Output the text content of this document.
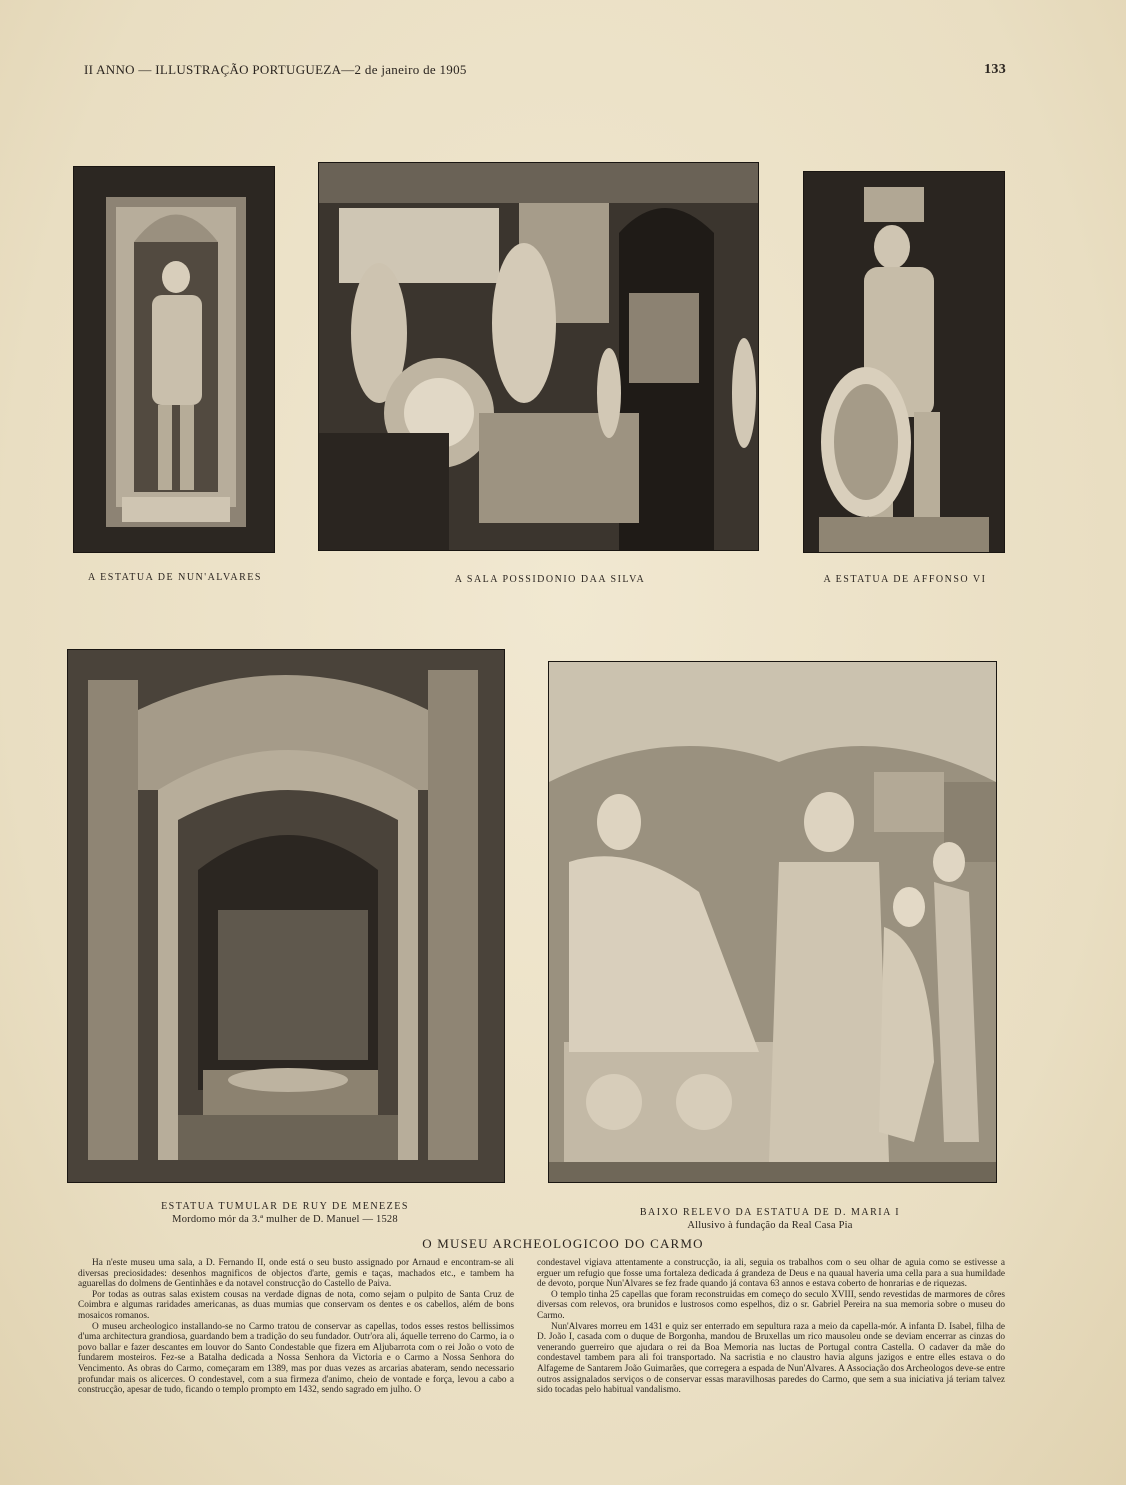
II ANNO — ILLUSTRAÇÃO PORTUGUEZA—2 de janeiro de 1905	133
A ESTATUA DE NUN'ALVARES	A SALA POSSIDONIO DAA SILVA	A ESTATUA DE AFFONSO VI
ESTATUA TUMULAR DE RUY DE MENEZES
Mordomo mór da 3.ª mulher de D. Manuel — 1528
BAIXO RELEVO DA ESTATUA DE D. MARIA I
Allusivo à fundação da Real Casa Pia
O MUSEU ARCHEOLOGICOO DO CARMO

Ha n'este museu uma sala, a D. Fernando II, onde está o seu busto assignado por Arnaud e encontram-se ali diversas preciosidades: desenhos magnificos de objectos d'arte, gemis e taças, machados etc., e tambem ha aguarellas do dolmens de Gentinhães e da notavel construcção do Castello de Paiva.

Por todas as outras salas existem cousas na verdade dignas de nota, como sejam o pulpito de Santa Cruz de Coimbra e algumas raridades americanas, as duas mumias que conservam os dentes e os cabellos, além de bons mosaicos romanos.

O museu archeologico installando-se no Carmo tratou de conservar as capellas, todos esses restos bellissimos d'uma architectura grandiosa, guardando bem a tradição do seu fundador. Outr'ora ali, áquelle terreno do Carmo, ia o povo ballar e fazer descantes em louvor do Santo Condestable que fizera em Aljubarrota com o rei João o voto de fundarem mosteiros. Fez-se a Batalha dedicada a Nossa Senhora da Victoria e o Carmo a Nossa Senhora do Vencimento. As obras do Carmo, começaram em 1389, mas por duas vezes as arcarias abateram, sendo necessario profundar mais os alicerces. O condestavel, com a sua firmeza d'animo, cheio de vontade e força, levou a cabo a construcção, apesar de tudo, ficando o templo prompto em 1432, sendo sagrado em julho. O

condestavel vigiava attentamente a construcção, ia ali, seguia os trabalhos com o seu olhar de aguia como se estivesse a erguer um refugio que fosse uma fortaleza dedicada á grandeza de Deus e na quaual haveria uma cella para a sua humildade de devoto, porque Nun'Alvares se fez frade quando já contava 63 annos e estava coberto de honrarias e de riquezas.

O templo tinha 25 capellas que foram reconstruidas em começo do seculo XVIII, sendo revestidas de marmores de côres diversas com relevos, ora brunidos e lustrosos como espelhos, diz o sr. Gabriel Pereira na sua memoria sobre o museu do Carmo.

Nun'Alvares morreu em 1431 e quiz ser enterrado em sepultura raza a meio da capella-mór. A infanta D. Isabel, filha de D. João I, casada com o duque de Borgonha, mandou de Bruxellas um rico mausoleu onde se deviam encerrar as cinzas do venerando guerreiro que ajudara o rei da Boa Memoria nas luctas de Portugal contra Castella. O cadaver da mãe do condestavel tambem para ali foi transportado. Na sacristia e no claustro havia alguns jazigos e entre elles estava o do Alfageme de Santarem João Guimarães, que corregera a espada de Nun'Alvares. A Associação dos Archeologos deve-se entre outros assignalados serviços o de conservar essas maravilhosas paredes do Carmo, que sem a sua iniciativa já teriam talvez sido tocadas pelo habitual vandalismo.
